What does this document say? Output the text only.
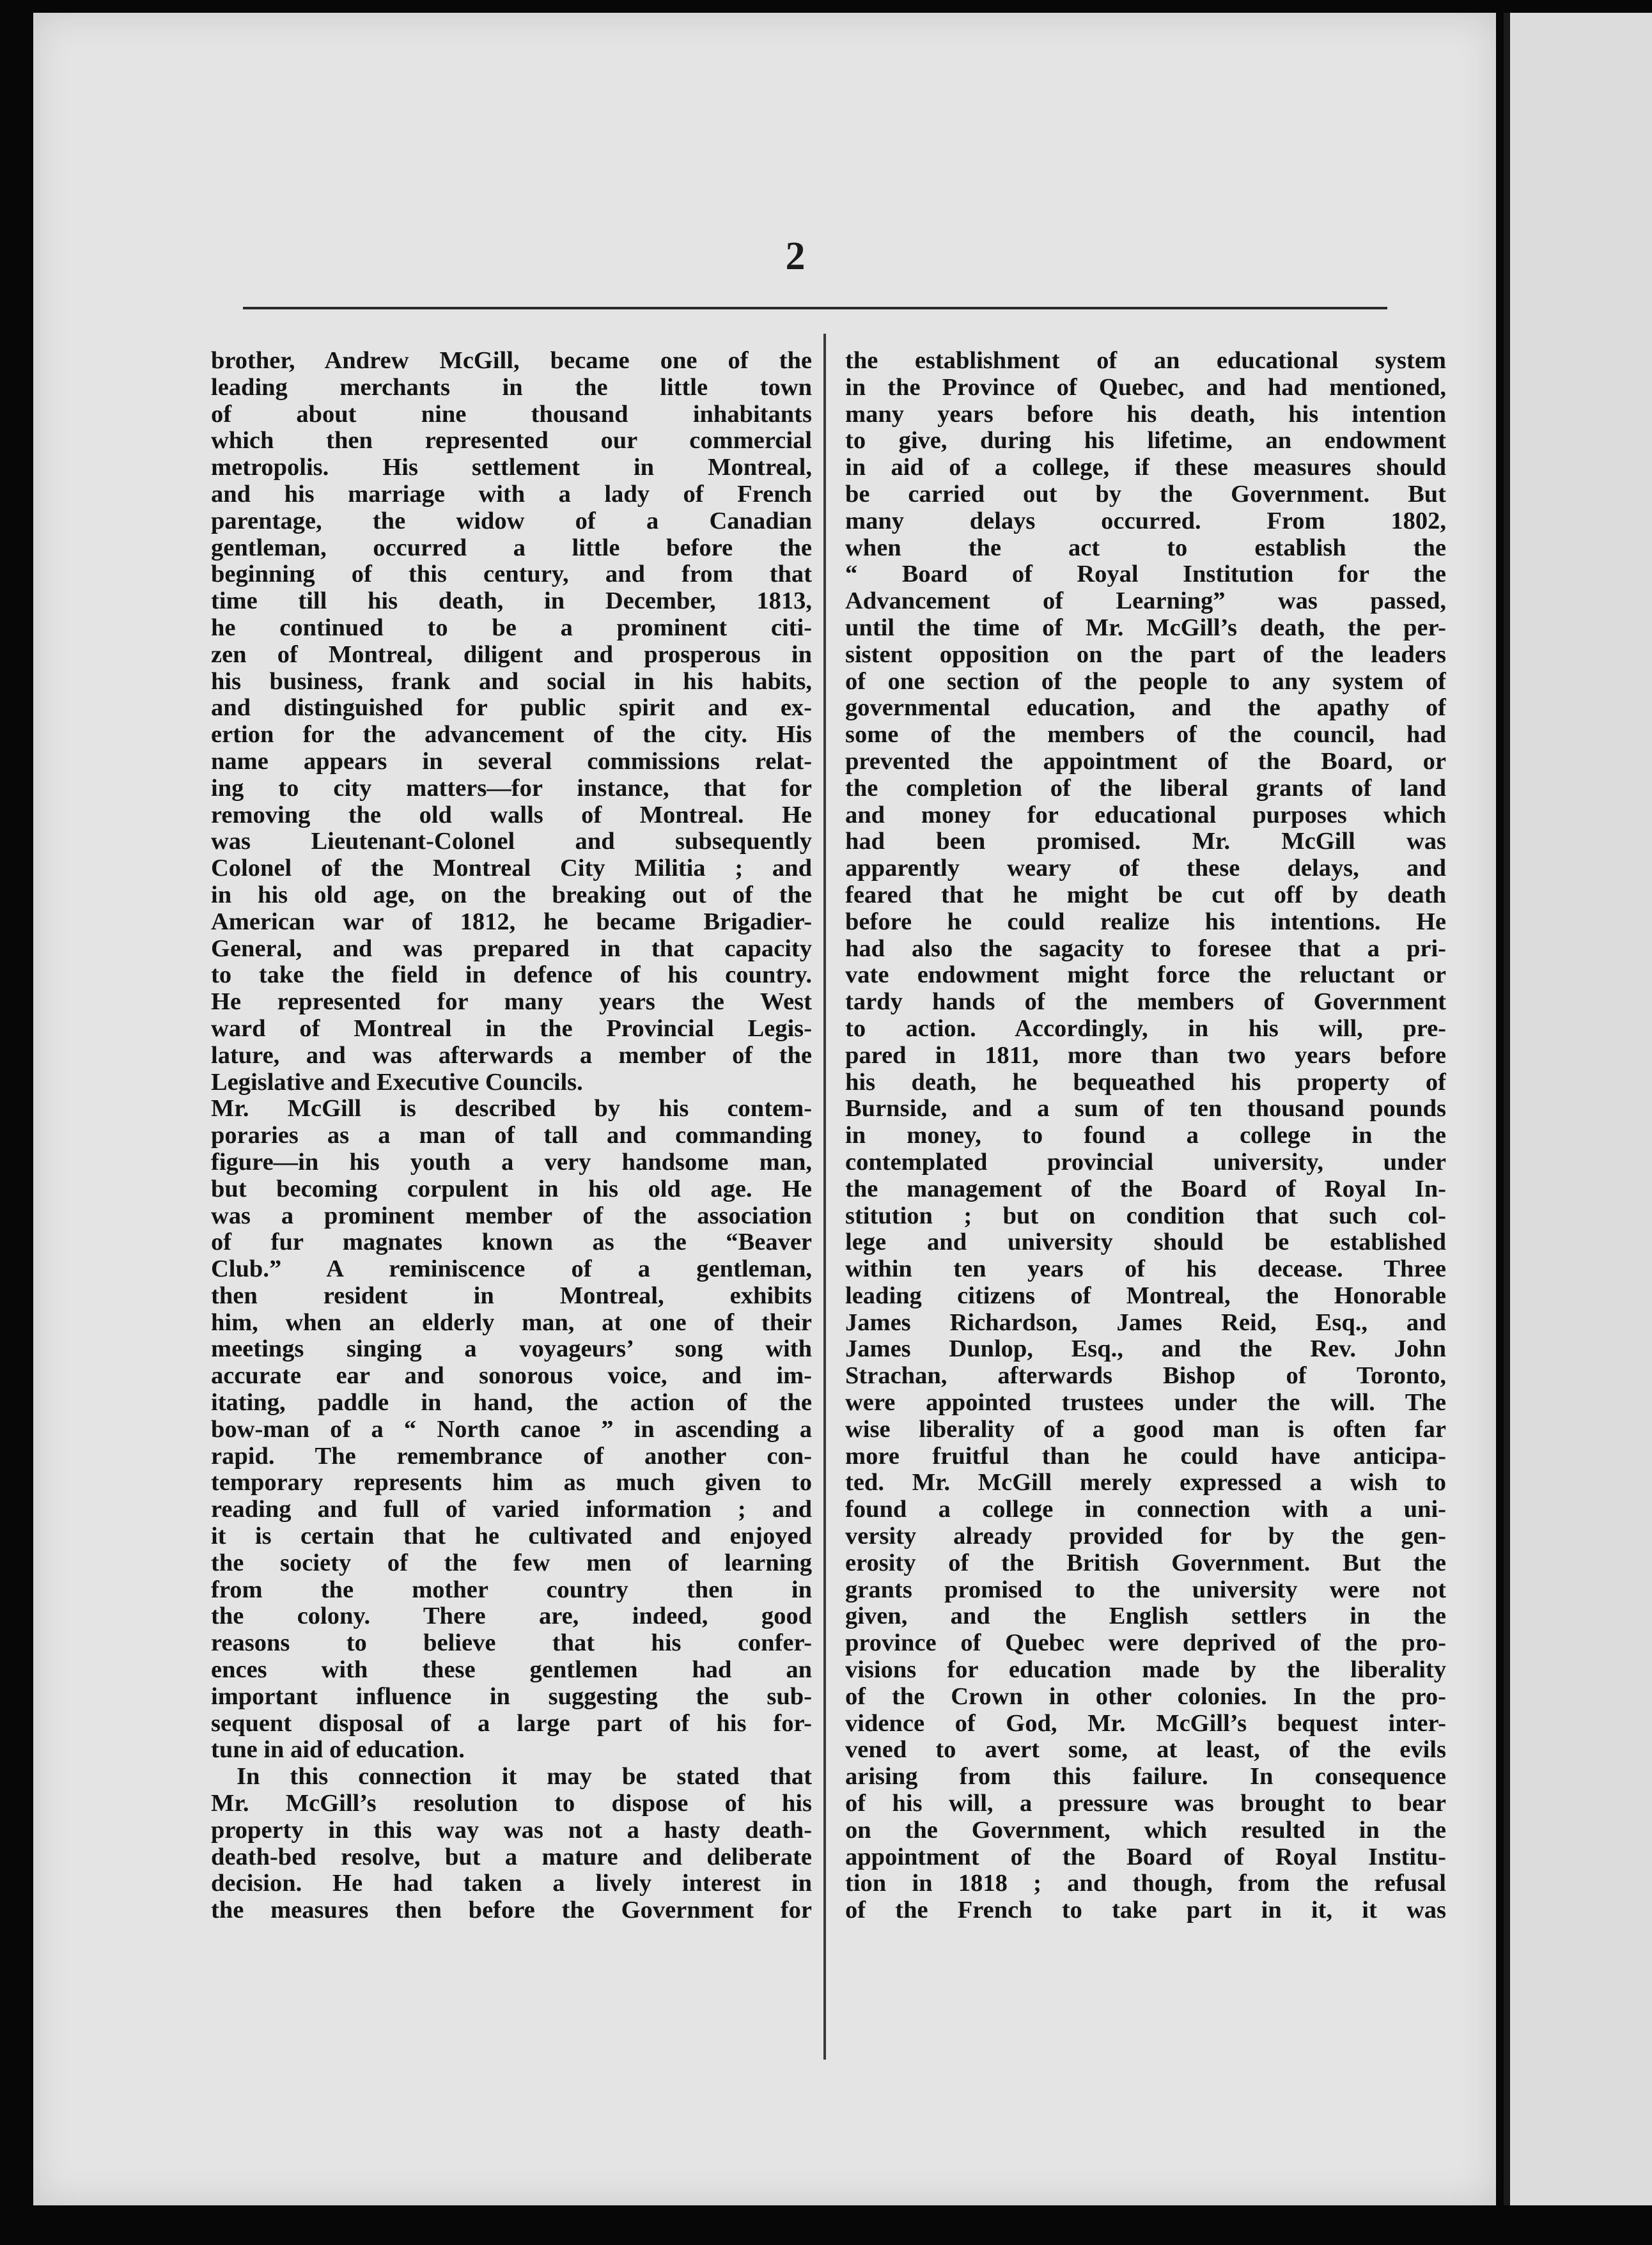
2
brother, Andrew McGill, became one of the
leading merchants in the little town
of about nine thousand inhabitants
which then represented our commercial
metropolis. His settlement in Montreal,
and his marriage with a lady of French
parentage, the widow of a Canadian
gentleman, occurred a little before the
beginning of this century, and from that
time till his death, in December, 1813,
he continued to be a prominent citi-
zen of Montreal, diligent and prosperous in
his business, frank and social in his habits,
and distinguished for public spirit and ex-
ertion for the advancement of the city. His
name appears in several commissions relat-
ing to city matters—for instance, that for
removing the old walls of Montreal. He
was Lieutenant-Colonel and subsequently
Colonel of the Montreal City Militia ; and
in his old age, on the breaking out of the
American war of 1812, he became Brigadier-
General, and was prepared in that capacity
to take the field in defence of his country.
He represented for many years the West
ward of Montreal in the Provincial Legis-
lature, and was afterwards a member of the
Legislative and Executive Councils.
Mr. McGill is described by his contem-
poraries as a man of tall and commanding
figure—in his youth a very handsome man,
but becoming corpulent in his old age. He
was a prominent member of the association
of fur magnates known as the “Beaver
Club.” A reminiscence of a gentleman,
then resident in Montreal, exhibits
him, when an elderly man, at one of their
meetings singing a voyageurs’ song with
accurate ear and sonorous voice, and im-
itating, paddle in hand, the action of the
bow-man of a “ North canoe ” in ascending a
rapid. The remembrance of another con-
temporary represents him as much given to
reading and full of varied information ; and
it is certain that he cultivated and enjoyed
the society of the few men of learning
from the mother country then in
the colony. There are, indeed, good
reasons to believe that his confer-
ences with these gentlemen had an
important influence in suggesting the sub-
sequent disposal of a large part of his for-
tune in aid of education.
In this connection it may be stated that
Mr. McGill’s resolution to dispose of his
property in this way was not a hasty death-
death-bed resolve, but a mature and deliberate
decision. He had taken a lively interest in
the measures then before the Government for
the establishment of an educational system
in the Province of Quebec, and had mentioned,
many years before his death, his intention
to give, during his lifetime, an endowment
in aid of a college, if these measures should
be carried out by the Government. But
many delays occurred. From 1802,
when the act to establish the
“ Board of Royal Institution for the
Advancement of Learning” was passed,
until the time of Mr. McGill’s death, the per-
sistent opposition on the part of the leaders
of one section of the people to any system of
governmental education, and the apathy of
some of the members of the council, had
prevented the appointment of the Board, or
the completion of the liberal grants of land
and money for educational purposes which
had been promised. Mr. McGill was
apparently weary of these delays, and
feared that he might be cut off by death
before he could realize his intentions. He
had also the sagacity to foresee that a pri-
vate endowment might force the reluctant or
tardy hands of the members of Government
to action. Accordingly, in his will, pre-
pared in 1811, more than two years before
his death, he bequeathed his property of
Burnside, and a sum of ten thousand pounds
in money, to found a college in the
contemplated provincial university, under
the management of the Board of Royal In-
stitution ; but on condition that such col-
lege and university should be established
within ten years of his decease. Three
leading citizens of Montreal, the Honorable
James Richardson, James Reid, Esq., and
James Dunlop, Esq., and the Rev. John
Strachan, afterwards Bishop of Toronto,
were appointed trustees under the will. The
wise liberality of a good man is often far
more fruitful than he could have anticipa-
ted. Mr. McGill merely expressed a wish to
found a college in connection with a uni-
versity already provided for by the gen-
erosity of the British Government. But the
grants promised to the university were not
given, and the English settlers in the
province of Quebec were deprived of the pro-
visions for education made by the liberality
of the Crown in other colonies. In the pro-
vidence of God, Mr. McGill’s bequest inter-
vened to avert some, at least, of the evils
arising from this failure. In consequence
of his will, a pressure was brought to bear
on the Government, which resulted in the
appointment of the Board of Royal Institu-
tion in 1818 ; and though, from the refusal
of the French to take part in it, it was
